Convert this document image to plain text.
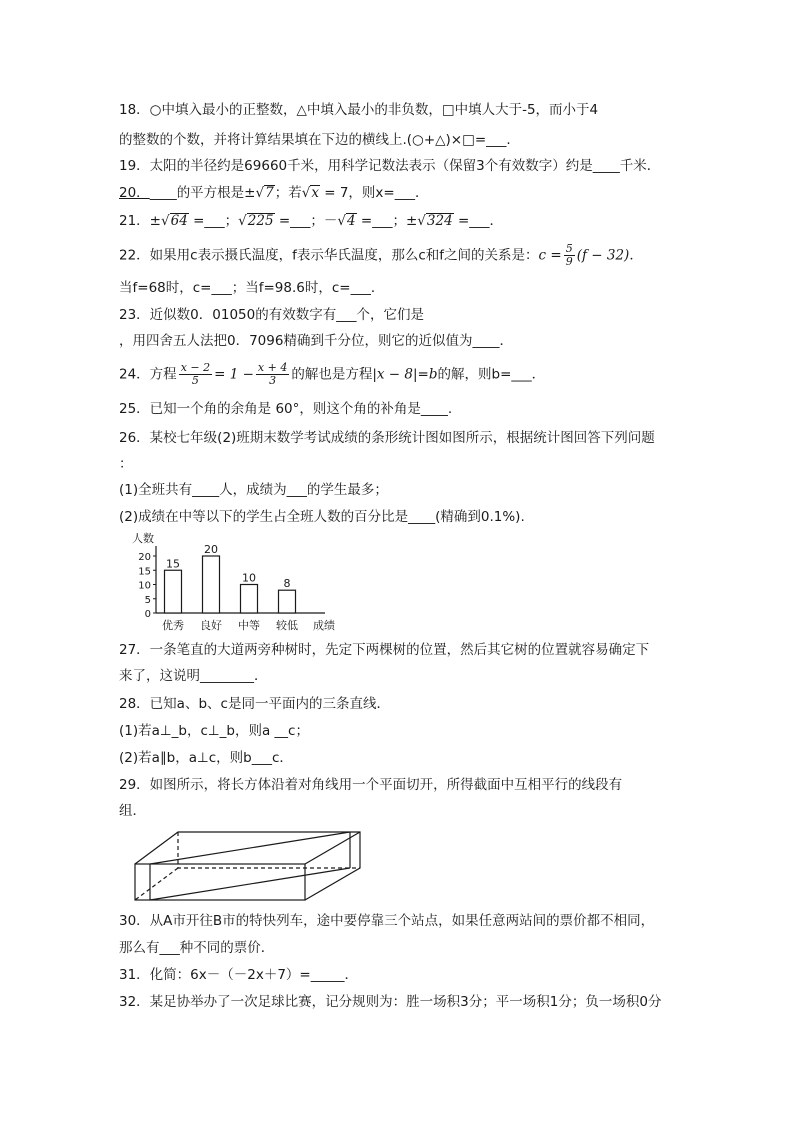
18．○中填入最小的正整数，△中填入最小的非负数，□中填人大于-5，而小于4
的整数的个数，并将计算结果填在下边的横线上.(○+△)×□=___.
19．太阳的半径约是69660千米，用科学记数法表示（保留3个有效数字）约是____千米．
20．____的平方根是±√7；若√x = 7，则x=___．
21．±√64 =___；√225 =___；－√4 =___；±√324 =___．
22．如果用c表示摄氏温度，f表示华氏温度，那么c和f之间的关系是：$c = \frac{5}{9} (f - 32)$．
当f=68时，c=___；当f=98.6时，c=___．
23．近似数0．01050的有效数字有___个，它们是
，用四舍五人法把0．7096精确到千分位，则它的近似值为____．
24．方程 $\frac{x - 2}{5} = 1 - \frac{x + 4}{3}$ 的解也是方程|x − 8|=b的解，则b=___．
25．已知一个角的余角是 60°，则这个角的补角是____.
26．某校七年级(2)班期末数学考试成绩的条形统计图如图所示，根据统计图回答下列问题
：
(1)全班共有____人，成绩为___的学生最多；
(2)成绩在中等以下的学生占全班人数的百分比是____(精确到0.1%).
人数
成绩
0
5
10
15
20 15
优秀
20
良好
10
中等
8
较低
27．一条笔直的大道两旁种树时，先定下两棵树的位置，然后其它树的位置就容易确定下
来了，这说明________．
28．已知a、b、c是同一平面内的三条直线．
(1)若a⊥_b，c⊥_b，则a __c；
(2)若a∥b，a⊥c，则b___c．
29．如图所示，将长方体沿着对角线用一个平面切开，所得截面中互相平行的线段有
组．
30．从A市开往B市的特快列车，途中要停靠三个站点，如果任意两站间的票价都不相同，
那么有___种不同的票价．
31．化简：6x－（－2x＋7）=_____．
32．某足协举办了一次足球比赛，记分规则为：胜一场积3分；平一场积1分；负一场积0分
